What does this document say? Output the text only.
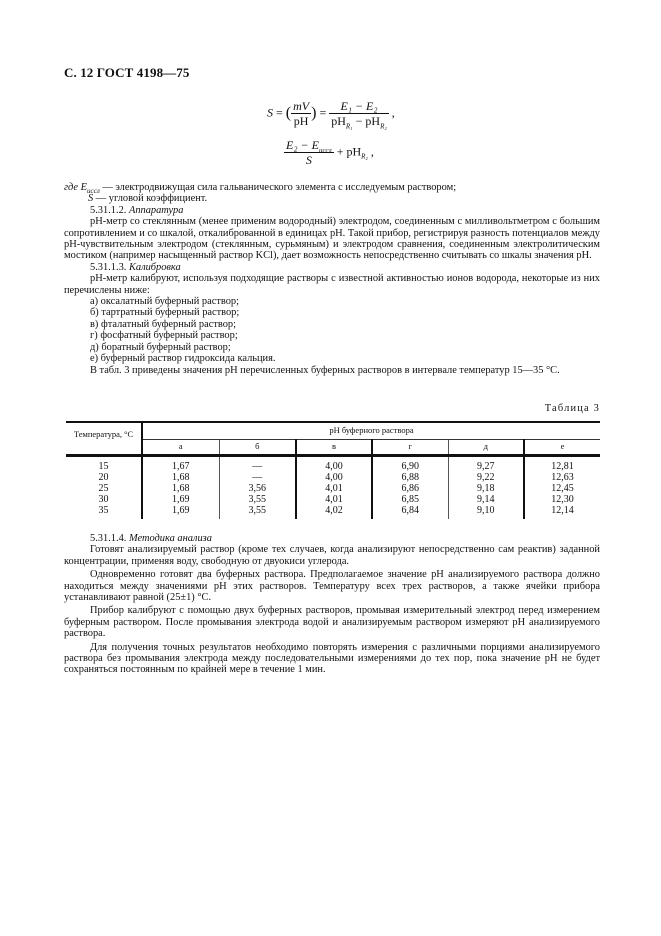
С. 12 ГОСТ 4198—75
S = ( $\frac{mV}{pH}$ ) = $\frac{\text{E₁ − E₂}}{pH_{R_1} - pH_{R_2}}$ ,
$\frac{E_2 - E_{иссл}}{S} + pH_{R_2}$ ,

где $E_{иссл}$ — электродвижущая сила гальванического элемента с исследуемым раствором;

S — угловой коэффициент.

5.31.1.2. Аппаратура

pH-метр со стеклянным (менее применим водородный) электродом, соединенным с милливольтметром с большим сопротивлением и со шкалой, откалиброванной в единицах pH. Такой прибор, регистрируя разность потенциалов между pH-чувствительным электродом (стеклянным, сурьмяным) и электродом сравнения, соединенным электролитическим мостиком (например насыщенный раствор KCl), дает возможность непосредственно считывать со шкалы значения pH.

5.31.1.3. Калибровка

pH-метр калибруют, используя подходящие растворы с известной активностью ионов водорода, некоторые из них перечислены ниже:

а) оксалатный буферный раствор;

б) тартратный буферный раствор;

в) фталатный буферный раствор;

г) фосфатный буферный раствор;

д) боратный буферный раствор;

е) буферный раствор гидроксида кальция.

В табл. 3 приведены значения pH перечисленных буферных растворов в интервале температур 15—35 °С.

Таблица 3
Температура, °С	pH буферного раствора					
	а	б	в	г	д	е
15	1,67	—	4,00	6,90	9,27	12,81
20	1,68	—	4,00	6,88	9,22	12,63
25	1,68	3,56	4,01	6,86	9,18	12,45
30	1,69	3,55	4,01	6,85	9,14	12,30
35	1,69	3,55	4,02	6,84	9,10	12,14

5.31.1.4. Методика анализа

Готовят анализируемый раствор (кроме тех случаев, когда анализируют непосредственно сам реактив) заданной концентрации, применяя воду, свободную от двуокиси углерода.

Одновременно готовят два буферных раствора. Предполагаемое значение pH анализируемого раствора должно находиться между значениями pH этих растворов. Температуру всех трех растворов, а также ячейки прибора устанавливают равной (25±1) °С.

Прибор калибруют с помощью двух буферных растворов, промывая измерительный электрод перед измерением буферным раствором. После промывания электрода водой и анализируемым раствором измеряют pH анализируемого раствора.

Для получения точных результатов необходимо повторять измерения с различными порциями анализируемого раствора без промывания электрода между последовательными измерениями до тех пор, пока значение pH не будет сохраняться постоянным по крайней мере в течение 1 мин.
